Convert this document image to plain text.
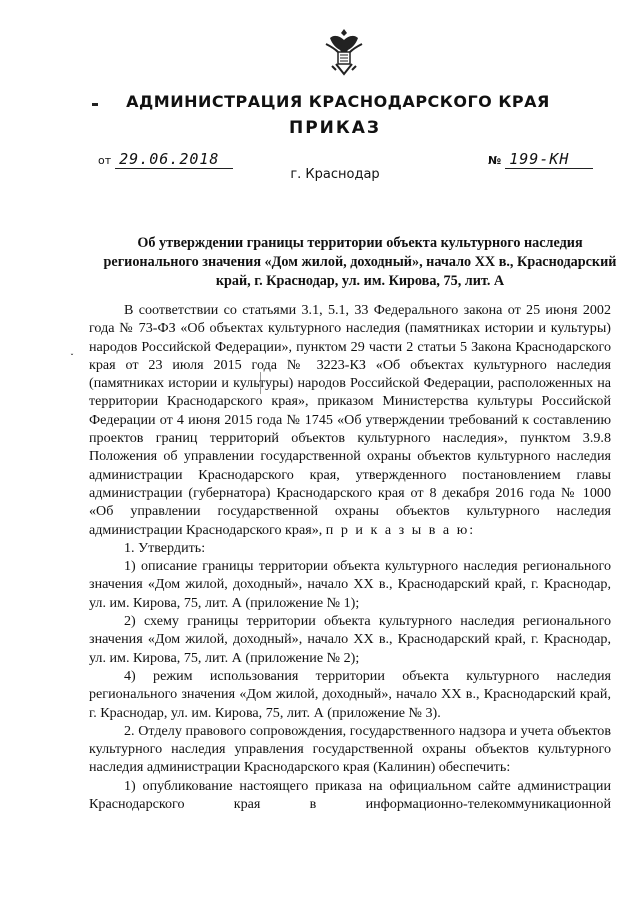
АДМИНИСТРАЦИЯ КРАСНОДАРСКОГО КРАЯ
ПРИКАЗ
от 29.06.2018	№ 199-КН
г. Краснодар
Об утверждении границы территории объекта культурного наследия регионального значения «Дом жилой, доходный», начало XX в., Краснодарский край, г. Краснодар, ул. им. Кирова, 75, лит. А
˯

В соответствии со статьями 3.1, 5.1, 33 Федерального закона от 25 июня 2002 года № 73-ФЗ «Об объектах культурного наследия (памятниках истории и культуры) народов Российской Федерации», пунктом 29 части 2 статьи 5 Закона Краснодарского края от 23 июля 2015 года № 3223-КЗ «Об объектах культурного наследия (памятниках истории и культуры) народов Российской Федерации, расположенных на территории Краснодарского края», приказом Министерства культуры Российской Федерации от 4 июня 2015 года № 1745 «Об утверждении требований к составлению проектов границ территорий объектов культурного наследия», пунктом 3.9.8 Положения об управлении государственной охраны объектов культурного наследия администрации Краснодарского края, утвержденного постановлением главы администрации (губернатора) Краснодарского края от 8 декабря 2016 года № 1000 «Об управлении государственной охраны объектов культурного наследия администрации Краснодарского края», п р и к а з ы в а ю:

1. Утвердить:

1) описание границы территории объекта культурного наследия регионального значения «Дом жилой, доходный», начало XX в., Краснодарский край, г. Краснодар, ул. им. Кирова, 75, лит. А (приложение № 1);

2) схему границы территории объекта культурного наследия регионального значения «Дом жилой, доходный», начало XX в., Краснодарский край, г. Краснодар, ул. им. Кирова, 75, лит. А (приложение № 2);

4) режим использования территории объекта культурного наследия регионального значения «Дом жилой, доходный», начало XX в., Краснодарский край, г. Краснодар, ул. им. Кирова, 75, лит. А (приложение № 3).

2. Отделу правового сопровождения, государственного надзора и учета объектов культурного наследия управления государственной охраны объектов культурного наследия администрации Краснодарского края (Калинин) обеспечить:

1) опубликование настоящего приказа на официальном сайте администрации Краснодарского края в информационно-телекоммуникационной
